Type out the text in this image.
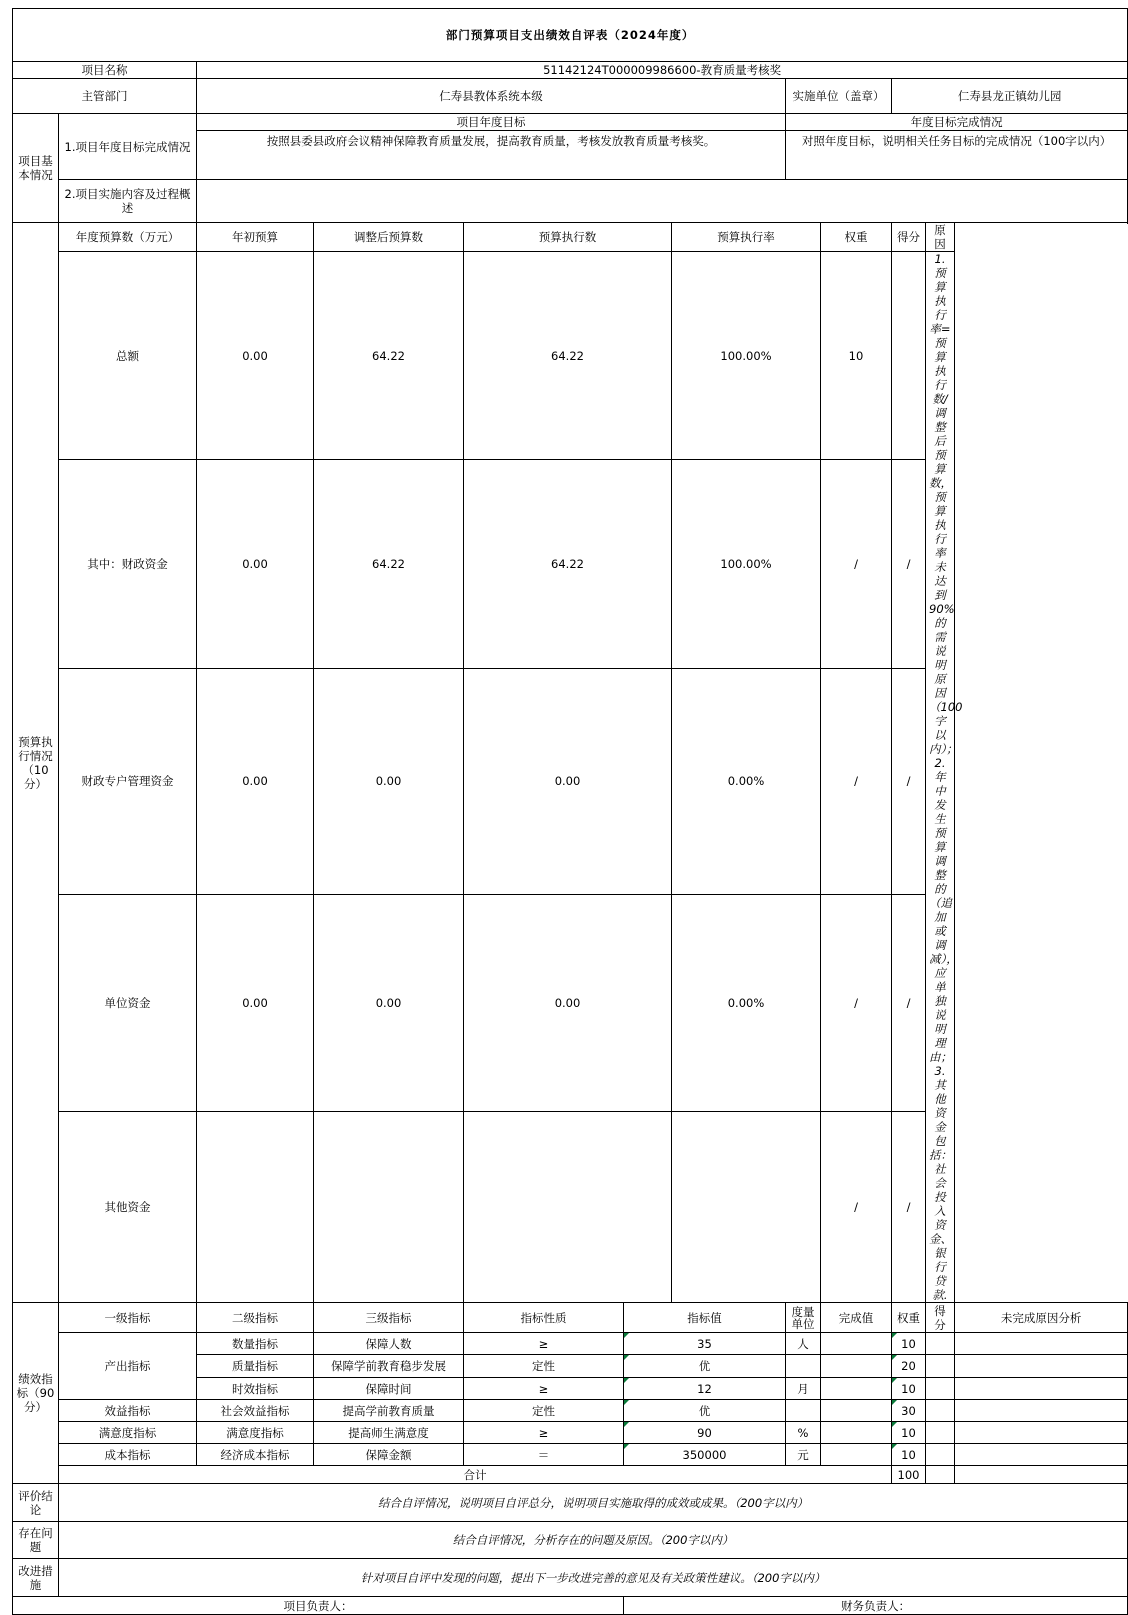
部门预算项目支出绩效自评表（2024年度）											
项目名称		51142124T000009986600-教育质量考核奖									
主管部门		仁寿县教体系统本级					实施单位（盖章）		仁寿县龙正镇幼儿园		
项目基本情况	1.项目年度目标完成情况	项目年度目标					年度目标完成情况				
		按照县委县政府会议精神保障教育质量发展，提高教育质量，考核发放教育质量考核奖。					对照年度目标，说明相关任务目标的完成情况（100字以内）				
	2.项目实施内容及过程概述										

预算执行情况（10分）	年度预算数（万元）	年初预算	调整后预算数	预算执行数		预算执行率		权重	得分	原因	
	总额	0.00	64.22	64.22		100.00%		10		1.预算执行率=预算执行数/调整后预算数，预算执行率未达到90%的需说明原因（100字以内）；2.年中发生预算调整的（追加或调减），应单独说明理由；3.其他资金包括：社会投入资金、银行贷款.	
	其中：财政资金	0.00	64.22	64.22		100.00%		/	/		
	财政专户管理资金	0.00	0.00	0.00		0.00%		/	/		
	单位资金	0.00	0.00	0.00		0.00%		/	/		
	其他资金							/	/		
绩效指标（90分）	一级指标	二级指标	三级指标	指标性质	指标值		度量单位	完成值	权重	得分	未完成原因分析
	产出指标	数量指标	保障人数	≥	35		人		10		
		质量指标	保障学前教育稳步发展	定性	优				20		
		时效指标	保障时间	≥	12		月		10		
	效益指标	社会效益指标	提高学前教育质量	定性	优				30		
	满意度指标	满意度指标	提高师生满意度	≥	90		%		10		
	成本指标	经济成本指标	保障金额	＝	350000		元		10		
	合计								100		
评价结论	结合自评情况，说明项目自评总分，说明项目实施取得的成效或成果。（200字以内）										
存在问题	结合自评情况，分析存在的问题及原因。（200字以内）										
改进措施	针对项目自评中发现的问题，提出下一步改进完善的意见及有关政策性建议。（200字以内）										
项目负责人：					财务负责人：						
